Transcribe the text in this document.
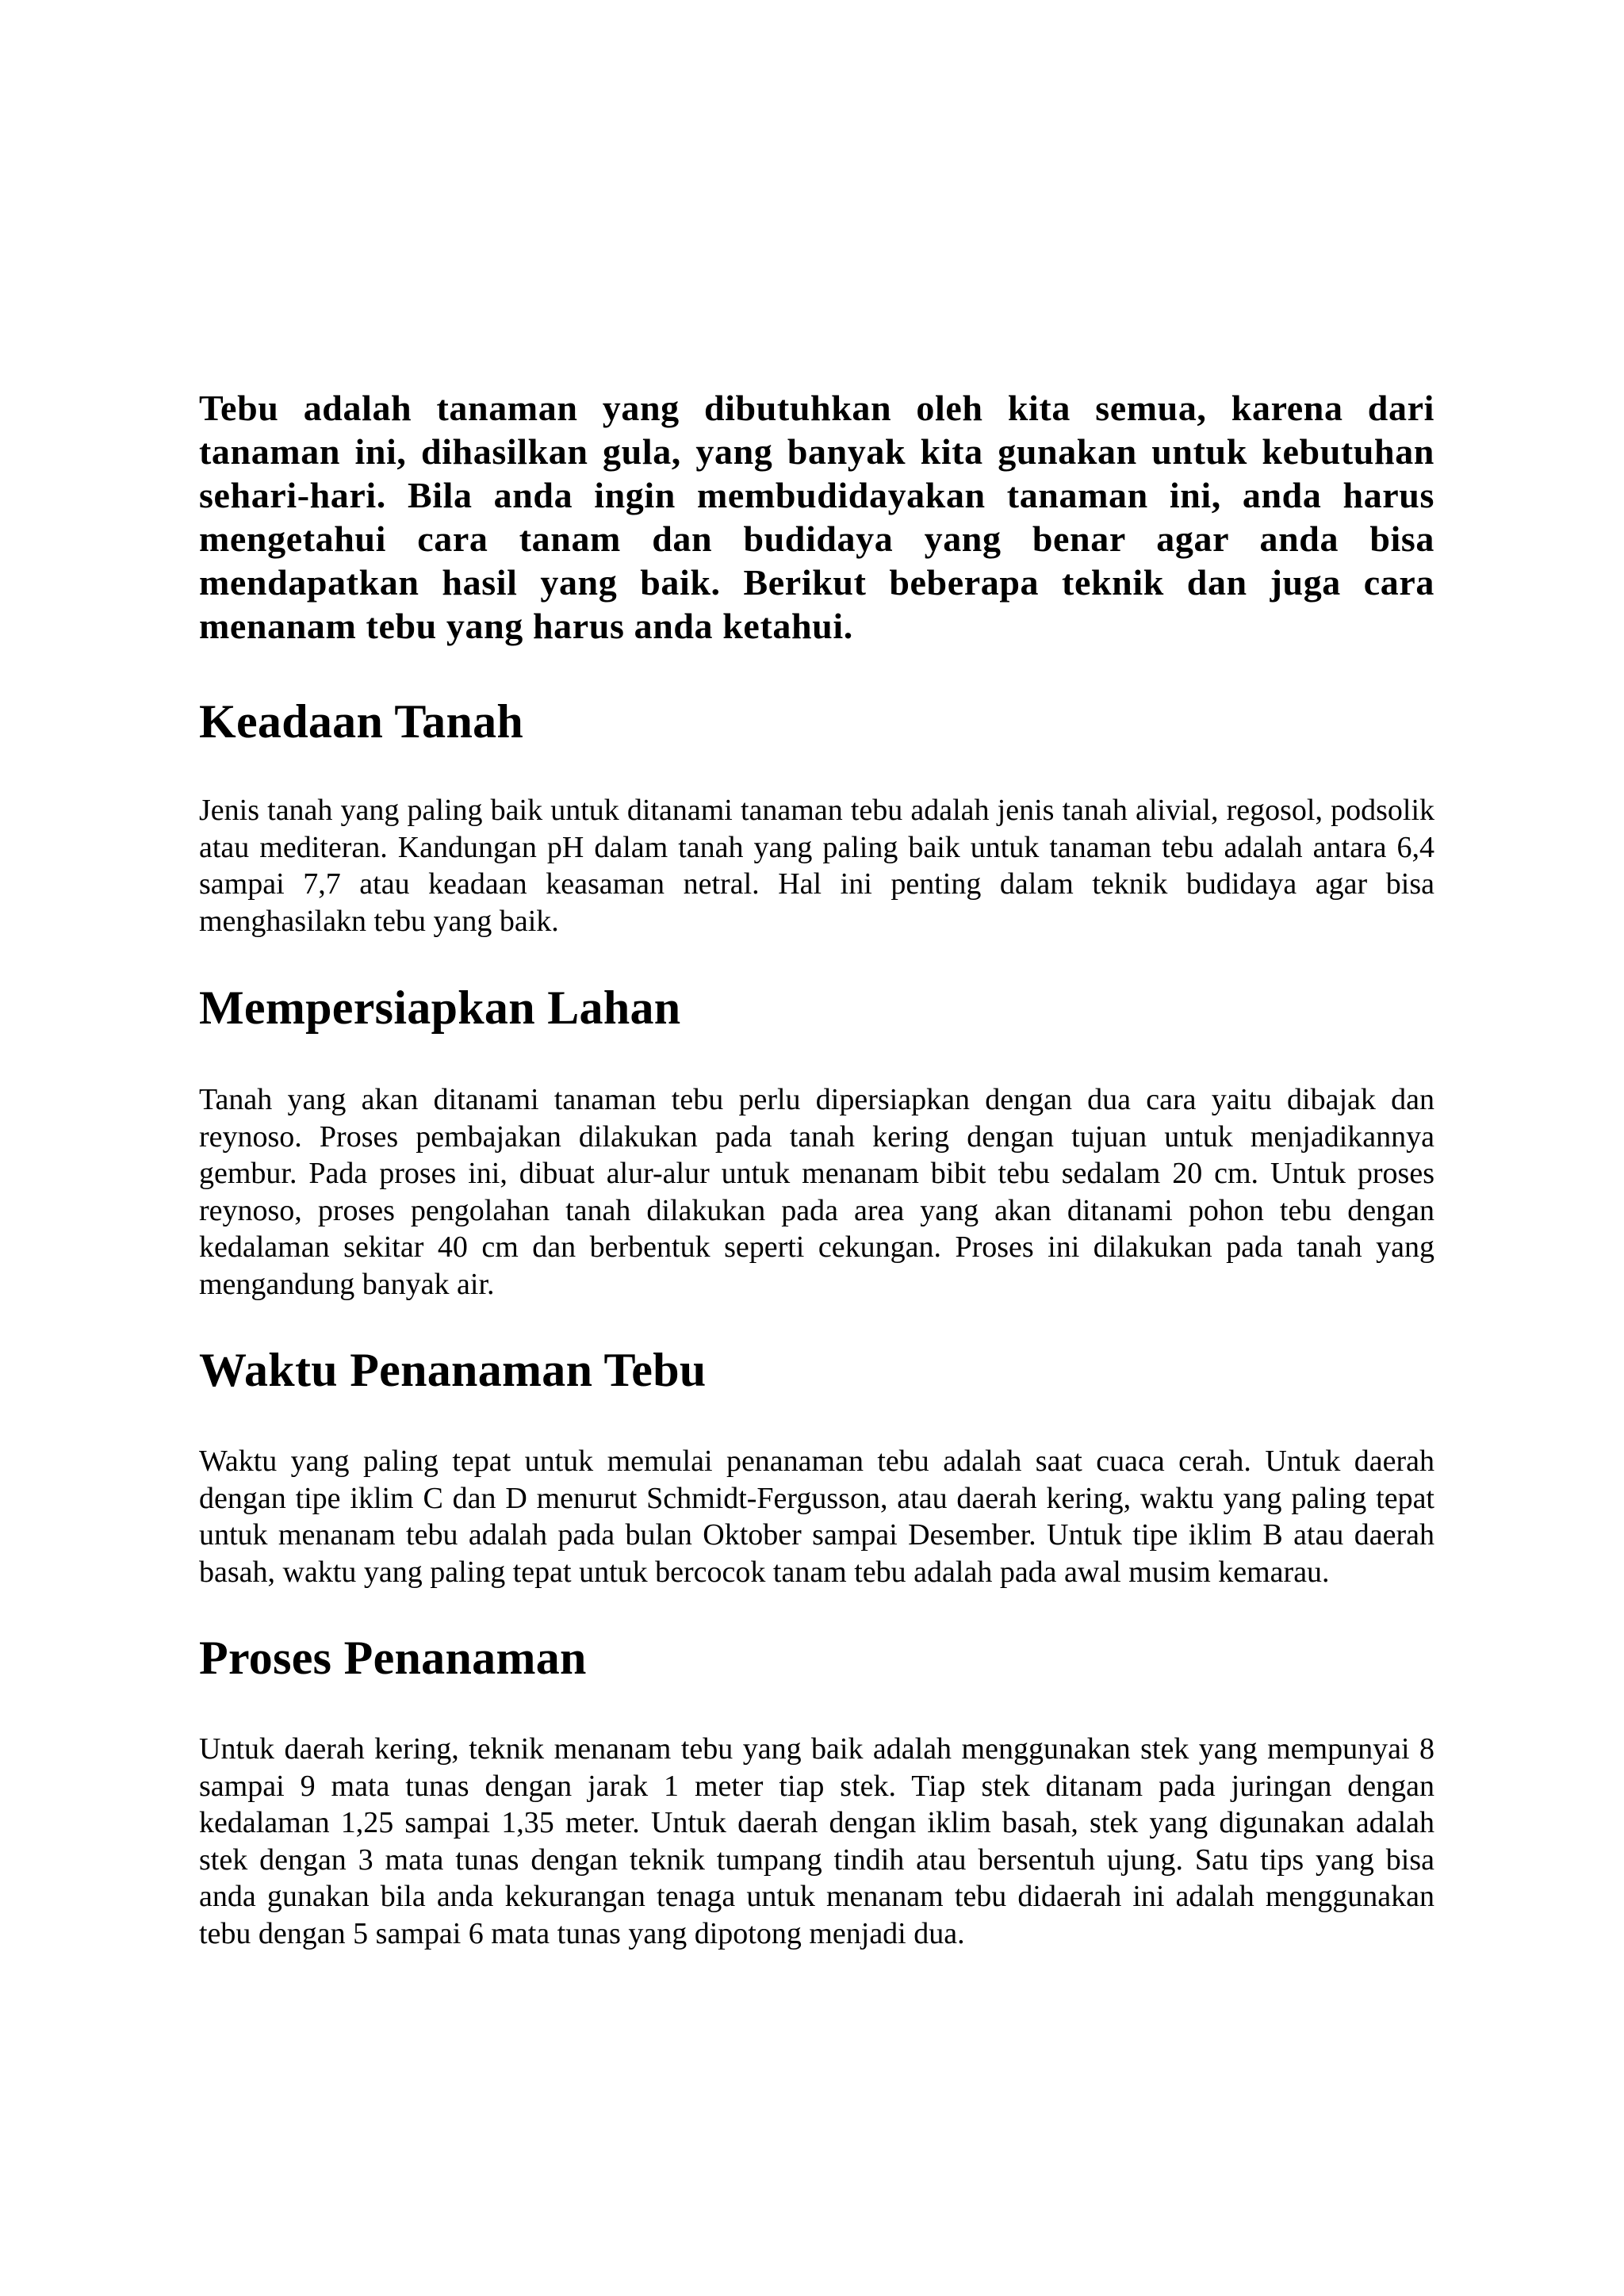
Tebu adalah tanaman yang dibutuhkan oleh kita semua, karena dari tanaman ini, dihasilkan gula, yang banyak kita gunakan untuk kebutuhan sehari-hari. Bila anda ingin membudidayakan tanaman ini, anda harus mengetahui cara tanam dan budidaya yang benar agar anda bisa mendapatkan hasil yang baik. Berikut beberapa teknik dan juga cara menanam tebu yang harus anda ketahui.

Keadaan Tanah

Jenis tanah yang paling baik untuk ditanami tanaman tebu adalah jenis tanah alivial, regosol, podsolik atau mediteran. Kandungan pH dalam tanah yang paling baik untuk tanaman tebu adalah antara 6,4 sampai 7,7 atau keadaan keasaman netral. Hal ini penting dalam teknik budidaya agar bisa menghasilakn tebu yang baik.

Mempersiapkan Lahan

Tanah yang akan ditanami tanaman tebu perlu dipersiapkan dengan dua cara yaitu dibajak dan reynoso. Proses pembajakan dilakukan pada tanah kering dengan tujuan untuk menjadikannya gembur. Pada proses ini, dibuat alur-alur untuk menanam bibit tebu sedalam 20 cm. Untuk proses reynoso, proses pengolahan tanah dilakukan pada area yang akan ditanami pohon tebu dengan kedalaman sekitar 40 cm dan berbentuk seperti cekungan. Proses ini dilakukan pada tanah yang mengandung banyak air.

Waktu Penanaman Tebu

Waktu yang paling tepat untuk memulai penanaman tebu adalah saat cuaca cerah. Untuk daerah dengan tipe iklim C dan D menurut Schmidt-Fergusson, atau daerah kering, waktu yang paling tepat untuk menanam tebu adalah pada bulan Oktober sampai Desember. Untuk tipe iklim B atau daerah basah, waktu yang paling tepat untuk bercocok tanam tebu adalah pada awal musim kemarau.

Proses Penanaman

Untuk daerah kering, teknik menanam tebu yang baik adalah menggunakan stek yang mempunyai 8 sampai 9 mata tunas dengan jarak 1 meter tiap stek. Tiap stek ditanam pada juringan dengan kedalaman 1,25 sampai 1,35 meter. Untuk daerah dengan iklim basah, stek yang digunakan adalah stek dengan 3 mata tunas dengan teknik tumpang tindih atau bersentuh ujung. Satu tips yang bisa anda gunakan bila anda kekurangan tenaga untuk menanam tebu didaerah ini adalah menggunakan tebu dengan 5 sampai 6 mata tunas yang dipotong menjadi dua.
